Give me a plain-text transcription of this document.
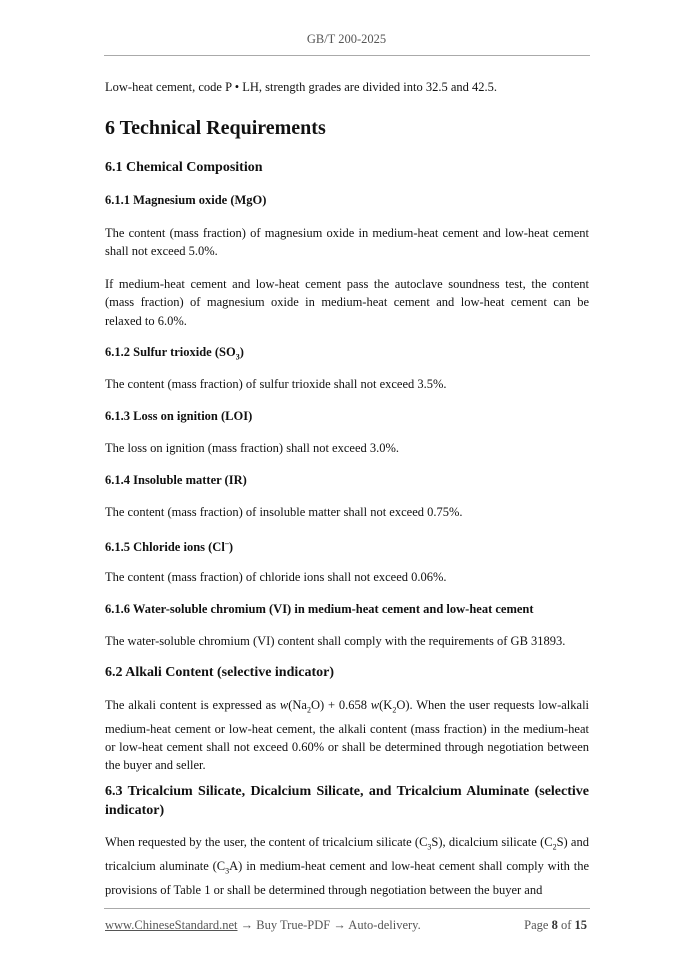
GB/T 200-2025
Low-heat cement, code P • LH, strength grades are divided into 32.5 and 42.5.
6 Technical Requirements
6.1 Chemical Composition
6.1.1 Magnesium oxide (MgO)
The content (mass fraction) of magnesium oxide in medium-heat cement and low-heat cement shall not exceed 5.0%.
If medium-heat cement and low-heat cement pass the autoclave soundness test, the content (mass fraction) of magnesium oxide in medium-heat cement and low-heat cement can be relaxed to 6.0%.
6.1.2 Sulfur trioxide $(SO_3)$
The content (mass fraction) of sulfur trioxide shall not exceed 3.5%.
6.1.3 Loss on ignition (LOI)
The loss on ignition (mass fraction) shall not exceed 3.0%.
6.1.4 Insoluble matter (IR)
The content (mass fraction) of insoluble matter shall not exceed 0.75%.
6.1.5 Chloride ions (Cl–)
The content (mass fraction) of chloride ions shall not exceed 0.06%.
6.1.6 Water-soluble chromium (VI) in medium-heat cement and low-heat cement
The water-soluble chromium (VI) content shall comply with the requirements of GB 31893.
6.2 Alkali Content (selective indicator)
The alkali content is expressed as $w(Na_2O) + 0.658$ $w(K_2O)$. When the user requests low-alkali medium-heat cement or low-heat cement, the alkali content (mass fraction) in the medium-heat or low-heat cement shall not exceed 0.60% or shall be determined through negotiation between the buyer and seller.
6.3 Tricalcium Silicate, Dicalcium Silicate, and Tricalcium Aluminate (selective indicator)
When requested by the user, the content of tricalcium silicate $(C_3S)$, dicalcium silicate $(C_2S)$ and tricalcium aluminate $(C_3A)$ in medium-heat cement and low-heat cement shall comply with the provisions of Table 1 or shall be determined through negotiation between the buyer and
www.ChineseStandard.net → Buy True-PDF → Auto-delivery.	Page 8 of 15
